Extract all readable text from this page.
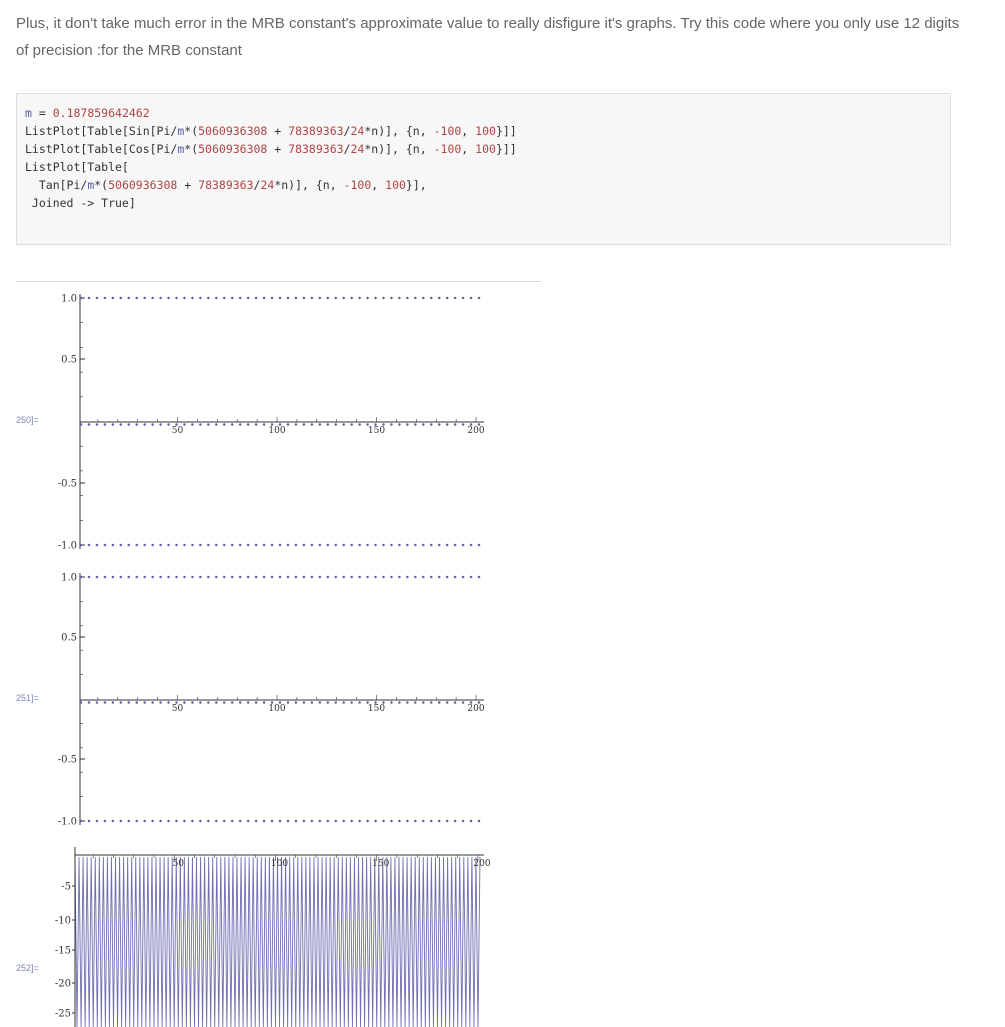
Plus, it don't take much error in the MRB constant's approximate value to really disfigure it's graphs. Try this code where you only use 12 digits of precision :for the MRB constant

m = 0.187859642462
ListPlot[Table[Sin[Pi/m*(5060936308 + 78389363/24*n)], {n, -100, 100}]]
ListPlot[Table[Cos[Pi/m*(5060936308 + 78389363/24*n)], {n, -100, 100}]]
ListPlot[Table[
Tan[Pi/m*(5060936308 + 78389363/24*n)], {n, -100, 100}],
Joined -> True]
250]=
251]=
252]=
1.0
0.5
-0.5
-1.0
50	100	150	200
1.0
0.5
-0.5
-1.0
50	100	150	200
50	100	150	200
-5
-10
-15
-20
-25
